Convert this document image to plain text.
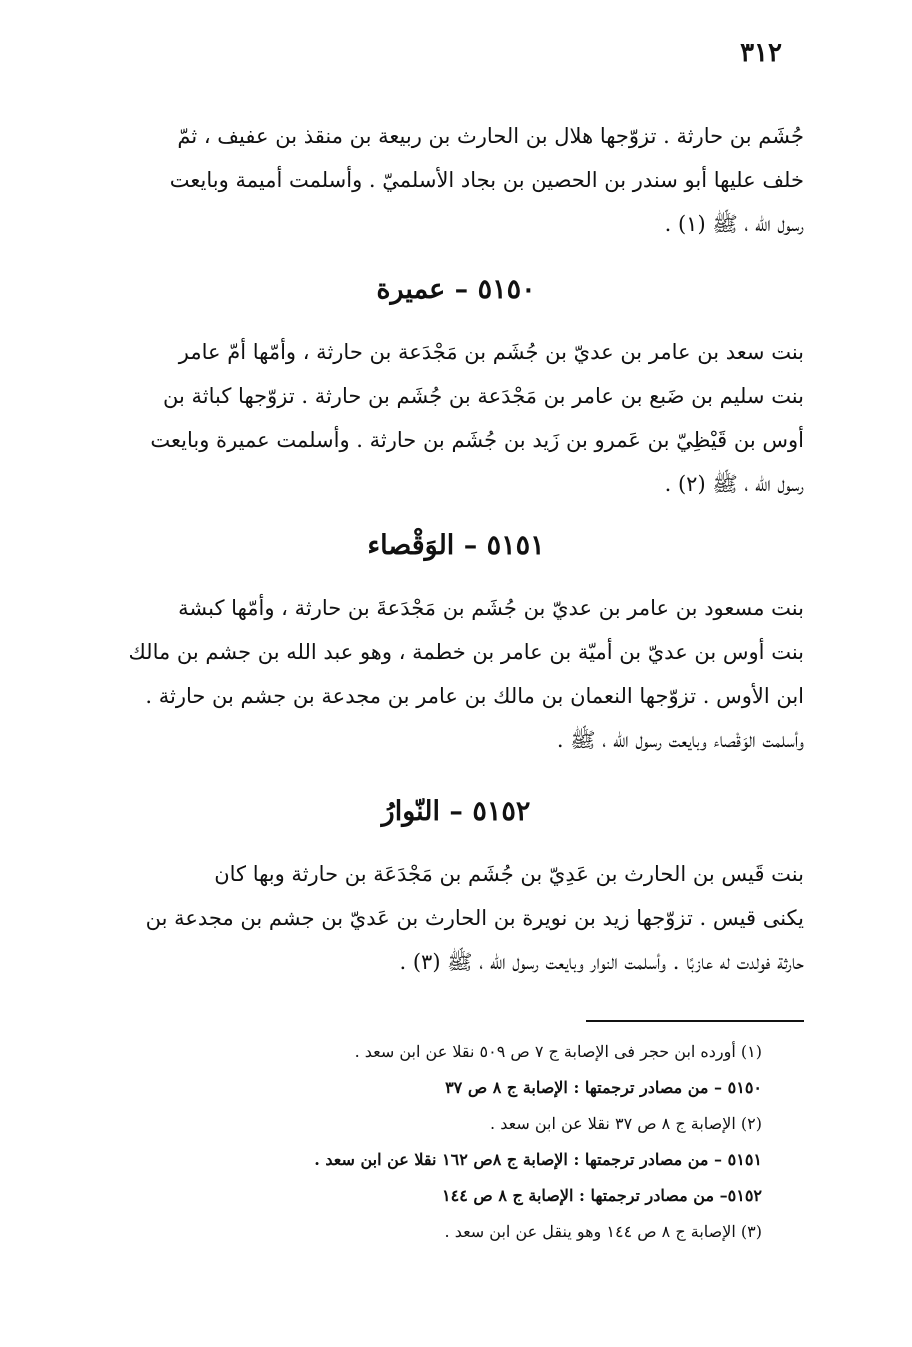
٣١٢

جُشَم بن حارثة . تزوّجها هلال بن الحارث بن ربيعة بن منقذ بن عفيف ، ثمّ

خلف عليها أبو سندر بن الحصين بن بجاد الأسلميّ . وأسلمت أميمة وبايعت

رسول الله ، ﷺ (١) .

٥١٥٠ – عميرة

بنت سعد بن عامر بن عديّ بن جُشَم بن مَجْدَعة بن حارثة ، وأمّها أمّ عامر

بنت سليم بن ضَبع بن عامر بن مَجْدَعة بن جُشَم بن حارثة . تزوّجها كباثة بن

أوس بن قَيْظِيّ بن عَمرو بن زَيد بن جُشَم بن حارثة . وأسلمت عميرة وبايعت

رسول الله ، ﷺ (٢) .

٥١٥١ – الوَقْصاء

بنت مسعود بن عامر بن عديّ بن جُشَم بن مَجْدَعةَ بن حارثة ، وأمّها كبشة

بنت أوس بن عديّ بن أميّة بن عامر بن خطمة ، وهو عبد الله بن جشم بن مالك

ابن الأوس . تزوّجها النعمان بن مالك بن عامر بن مجدعة بن جشم بن حارثة .

وأسلمت الوَقْصاء وبايعت رسول الله ، ﷺ .

٥١٥٢ – النّوارُ

بنت قَيس بن الحارث بن عَدِيّ بن جُشَم بن مَجْدَعَة بن حارثة وبها كان

يكنى قيس . تزوّجها زيد بن نويرة بن الحارث بن عَديّ بن جشم بن مجدعة بن

حارثة فولدت له عازبًا . وأسلمت النوار وبايعت رسول الله ، ﷺ (٣) .

(١) أورده ابن حجر فى الإصابة ج ٧ ص ٥٠٩ نقلا عن ابن سعد .
٥١٥٠ – من مصادر ترجمتها : الإصابة ج ٨ ص ٣٧
(٢) الإصابة ج ٨ ص ٣٧ نقلا عن ابن سعد .
٥١٥١ – من مصادر ترجمتها : الإصابة ج ٨ص ١٦٢ نقلا عن ابن سعد .
٥١٥٢– من مصادر ترجمتها : الإصابة ج ٨ ص ١٤٤
(٣) الإصابة ج ٨ ص ١٤٤ وهو ينقل عن ابن سعد .
